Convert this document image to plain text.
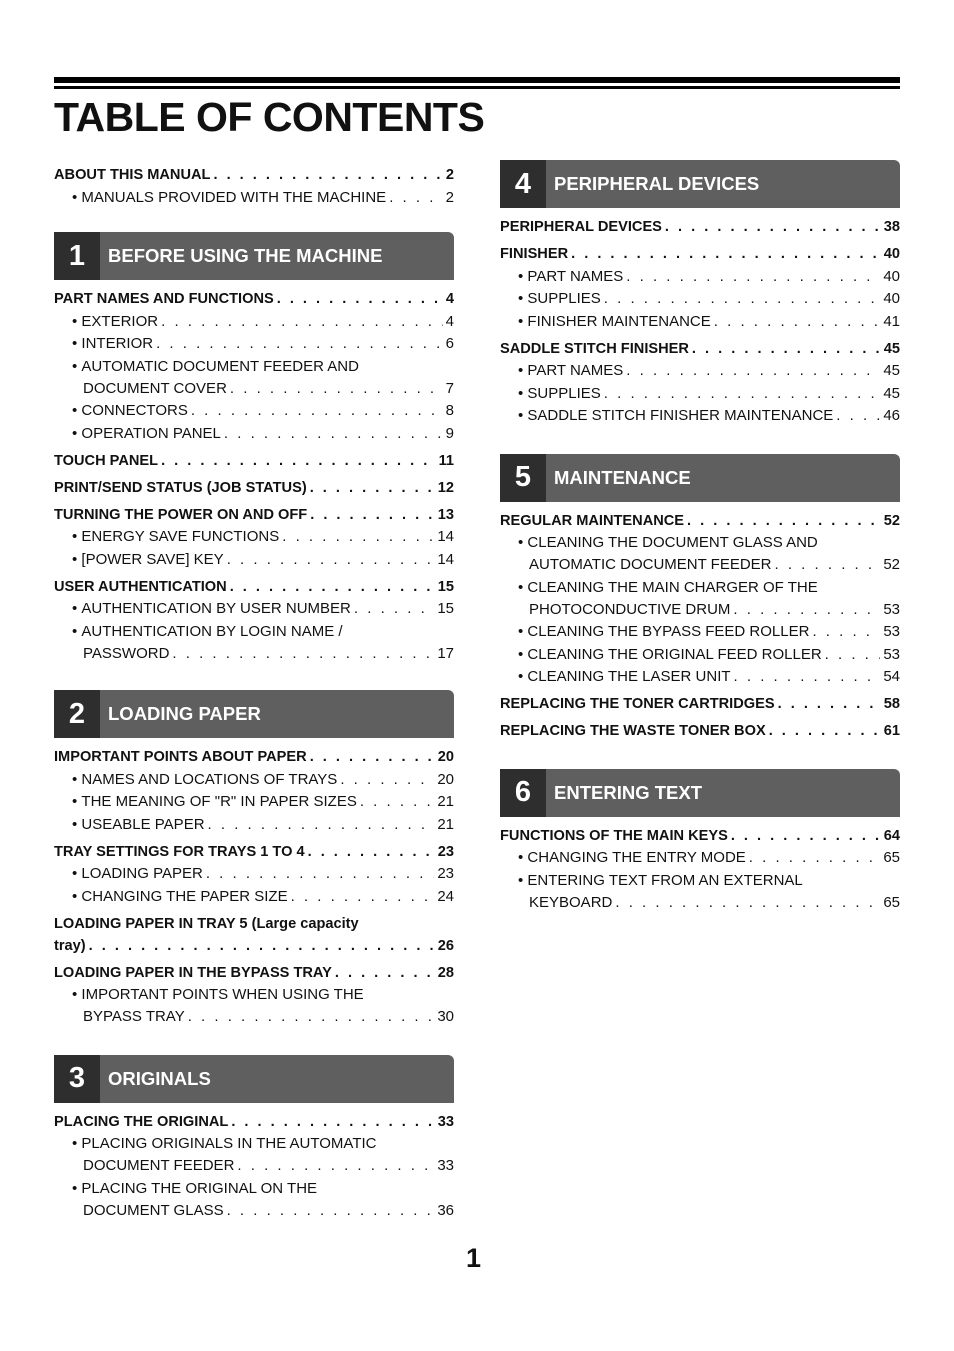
TABLE OF CONTENTS
ABOUT THIS MANUAL . . .	2
• MANUALS PROVIDED WITH THE MACHINE . . .	2
1	BEFORE USING THE MACHINE
PART NAMES AND FUNCTIONS . . .	4
• EXTERIOR . . .	4
• INTERIOR . . .	6
• AUTOMATIC DOCUMENT FEEDER AND
DOCUMENT COVER . . .	7
• CONNECTORS . . .	8
• OPERATION PANEL . . .	9
TOUCH PANEL . . .	11
PRINT/SEND STATUS (JOB STATUS) . . .	12
TURNING THE POWER ON AND OFF . . .	13
• ENERGY SAVE FUNCTIONS . . .	14
• [POWER SAVE] KEY . . .	14
USER AUTHENTICATION . . .	15
• AUTHENTICATION BY USER NUMBER . . .	15
• AUTHENTICATION BY LOGIN NAME /
PASSWORD . . .	17
2	LOADING PAPER
IMPORTANT POINTS ABOUT PAPER . . .	20
• NAMES AND LOCATIONS OF TRAYS . . .	20
• THE MEANING OF "R" IN PAPER SIZES . . .	21
• USEABLE PAPER . . .	21
TRAY SETTINGS FOR TRAYS 1 TO 4 . . .	23
• LOADING PAPER . . .	23
• CHANGING THE PAPER SIZE . . .	24
LOADING PAPER IN TRAY 5 (Large capacity
tray) . . .	26
LOADING PAPER IN THE BYPASS TRAY . . .	28
• IMPORTANT POINTS WHEN USING THE
BYPASS TRAY . . .	30
3	ORIGINALS
PLACING THE ORIGINAL . . .	33
• PLACING ORIGINALS IN THE AUTOMATIC
DOCUMENT FEEDER . . .	33
• PLACING THE ORIGINAL ON THE
DOCUMENT GLASS . . .	36
4	PERIPHERAL DEVICES
PERIPHERAL DEVICES . . .	38
FINISHER . . .	40
• PART NAMES . . .	40
• SUPPLIES . . .	40
• FINISHER MAINTENANCE . . .	41
SADDLE STITCH FINISHER . . .	45
• PART NAMES . . .	45
• SUPPLIES . . .	45
• SADDLE STITCH FINISHER MAINTENANCE . . .	46
5	MAINTENANCE
REGULAR MAINTENANCE . . .	52
• CLEANING THE DOCUMENT GLASS AND
AUTOMATIC DOCUMENT FEEDER . . .	52
• CLEANING THE MAIN CHARGER OF THE
PHOTOCONDUCTIVE DRUM . . .	53
• CLEANING THE BYPASS FEED ROLLER . . .	53
• CLEANING THE ORIGINAL FEED ROLLER . . .	53
• CLEANING THE LASER UNIT . . .	54
REPLACING THE TONER CARTRIDGES . . .	58
REPLACING THE WASTE TONER BOX . . .	61
6	ENTERING TEXT
FUNCTIONS OF THE MAIN KEYS . . .	64
• CHANGING THE ENTRY MODE . . .	65
• ENTERING TEXT FROM AN EXTERNAL
KEYBOARD . . .	65
1
